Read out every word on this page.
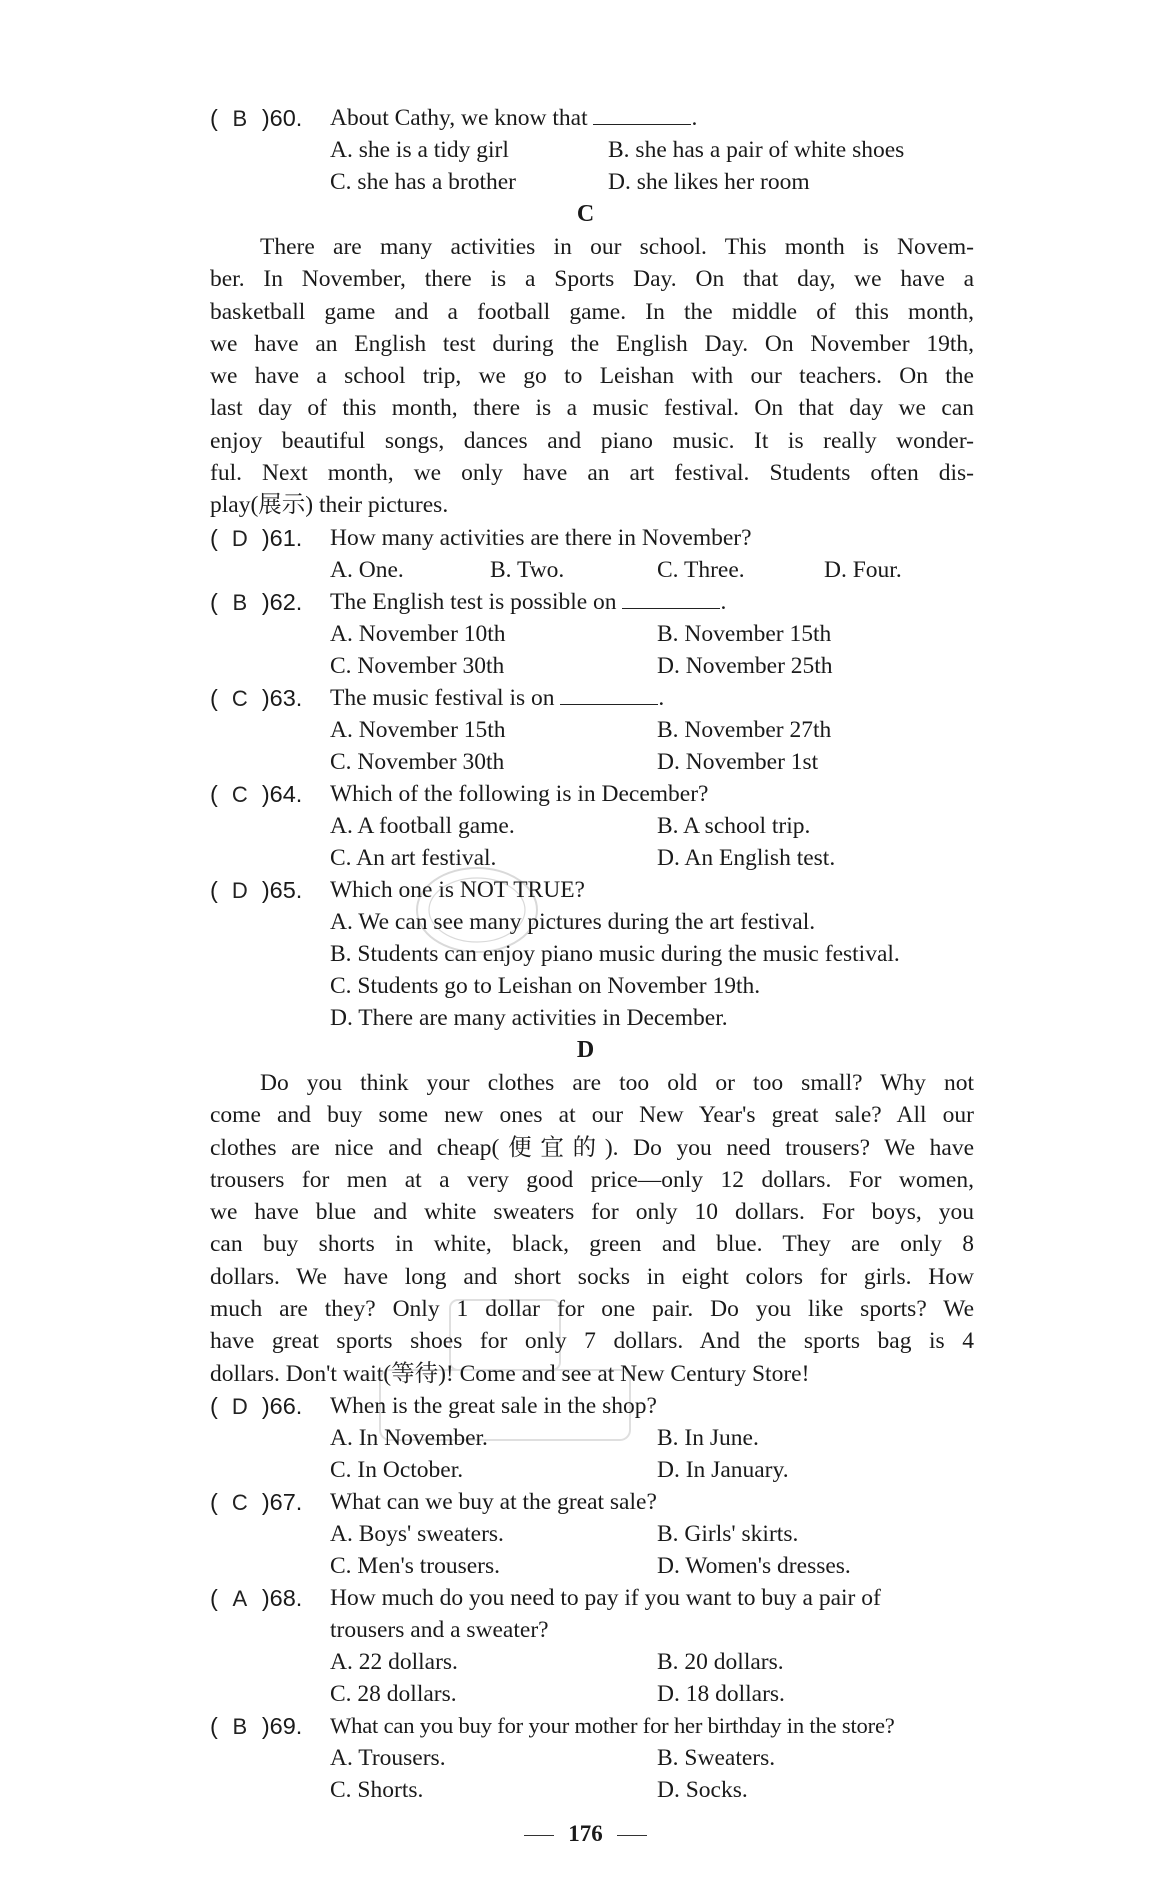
( B )60.	About Cathy, we know that	.
A. she is a tidy girl	B. she has a pair of white shoes
C. she has a brother	D. she likes her room
C
There are many activities in our school. This month is Novem-
ber. In November, there is a Sports Day. On that day, we have a
basketball game and a football game. In the middle of this month,
we have an English test during the English Day. On November 19th,
we have a school trip, we go to Leishan with our teachers. On the
last day of this month, there is a music festival. On that day we can
enjoy beautiful songs, dances and piano music. It is really wonder-
ful. Next month, we only have an art festival. Students often dis-
play(展示) their pictures.
( D )61.	How many activities are there in November?
A. One.	B. Two.	C. Three.	D. Four.
( B )62.	The English test is possible on	.
A. November 10th	B. November 15th
C. November 30th	D. November 25th
( C )63.	The music festival is on	.
A. November 15th	B. November 27th
C. November 30th	D. November 1st
( C )64.	Which of the following is in December?
A. A football game.	B. A school trip.
C. An art festival.	D. An English test.
( D )65.	Which one is NOT TRUE?
A. We can see many pictures during the art festival.
B. Students can enjoy piano music during the music festival.
C. Students go to Leishan on November 19th.
D. There are many activities in December.
D
Do you think your clothes are too old or too small? Why not
come and buy some new ones at our New Year's great sale? All our
clothes are nice and cheap(便宜的). Do you need trousers? We have
trousers for men at a very good price—only 12 dollars. For women,
we have blue and white sweaters for only 10 dollars. For boys, you
can buy shorts in white, black, green and blue. They are only 8
dollars. We have long and short socks in eight colors for girls. How
much are they? Only 1 dollar for one pair. Do you like sports? We
have great sports shoes for only 7 dollars. And the sports bag is 4
dollars. Don't wait(等待)! Come and see at New Century Store!
( D )66.	When is the great sale in the shop?
A. In November.	B. In June.
C. In October.	D. In January.
( C )67.	What can we buy at the great sale?
A. Boys' sweaters.	B. Girls' skirts.
C. Men's trousers.	D. Women's dresses.
( A )68.	How much do you need to pay if you want to buy a pair of
trousers and a sweater?
A. 22 dollars.	B. 20 dollars.
C. 28 dollars.	D. 18 dollars.
( B )69.	What can you buy for your mother for her birthday in the store?
A. Trousers.	B. Sweaters.
C. Shorts.	D. Socks.
176
